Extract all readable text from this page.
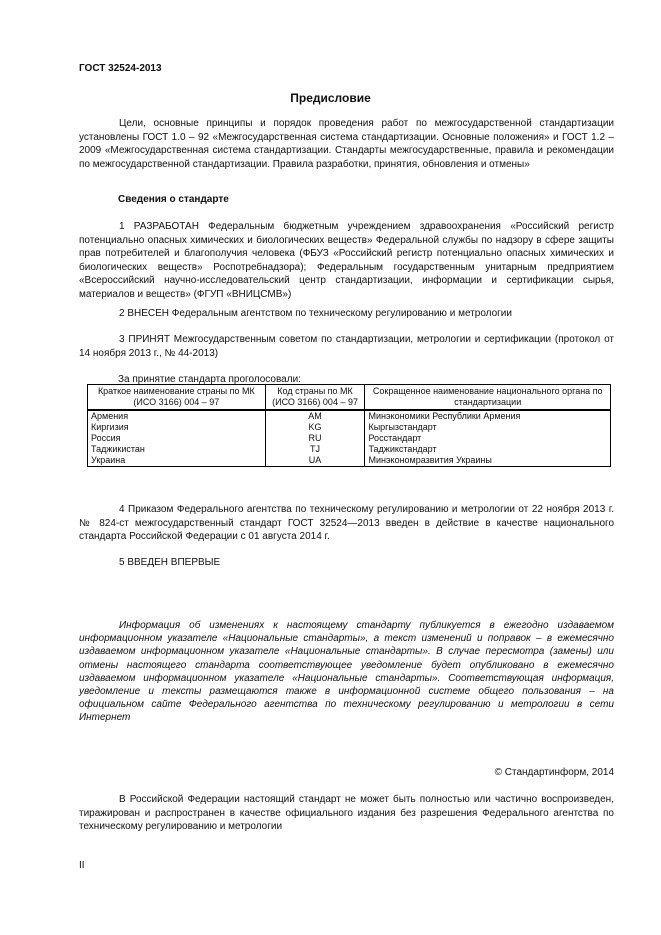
ГОСТ 32524-2013
Предисловие
Цели, основные принципы и порядок проведения работ по межгосударственной стандартизации установлены ГОСТ 1.0 – 92 «Межгосударственная система стандартизации. Основные положения» и ГОСТ 1.2 – 2009 «Межгосударственная система стандартизации. Стандарты межгосударственные, правила и рекомендации по межгосударственной стандартизации. Правила разработки, принятия, обновления и отмены»
Сведения о стандарте
1 РАЗРАБОТАН Федеральным бюджетным учреждением здравоохранения «Российский регистр потенциально опасных химических и биологических веществ» Федеральной службы по надзору в сфере защиты прав потребителей и благополучия человека (ФБУЗ «Российский регистр потенциально опасных химических и биологических веществ» Роспотребнадзора); Федеральным государственным унитарным предприятием «Всероссийский научно-исследовательский центр стандартизации, информации и сертификации сырья, материалов и веществ» (ФГУП «ВНИЦСМВ»)
2 ВНЕСЕН Федеральным агентством по техническому регулированию и метрологии
3 ПРИНЯТ Межгосударственным советом по стандартизации, метрологии и сертификации (протокол от 14 ноября 2013 г., № 44-2013)
За принятие стандарта проголосовали:
Краткое наименование страны по МК (ИСО 3166) 004 – 97	Код страны по МК (ИСО 3166) 004 – 97	Сокращенное наименование национального органа по стандартизации
Армения	AM	Минэкономики Республики Армения
Киргизия	KG	Кыргызстандарт
Россия	RU	Росстандарт
Таджикистан	TJ	Таджикстандарт
Украина	UA	Минэкономразвития Украины
4 Приказом Федерального агентства по техническому регулированию и метрологии от 22 ноября 2013 г. № 824-ст межгосударственный стандарт ГОСТ 32524—2013 введен в действие в качестве национального стандарта Российской Федерации с 01 августа 2014 г.
5 ВВЕДЕН ВПЕРВЫЕ
Информация об изменениях к настоящему стандарту публикуется в ежегодно издаваемом информационном указателе «Национальные стандарты», а текст изменений и поправок – в ежемесячно издаваемом информационном указателе «Национальные стандарты». В случае пересмотра (замены) или отмены настоящего стандарта соответствующее уведомление будет опубликовано в ежемесячно издаваемом информационном указателе «Национальные стандарты». Соответствующая информация, уведомление и тексты размещаются также в информационной системе общего пользования – на официальном сайте Федерального агентства по техническому регулированию и метрологии в сети Интернет
© Стандартинформ, 2014
В Российской Федерации настоящий стандарт не может быть полностью или частично воспроизведен, тиражирован и распространен в качестве официального издания без разрешения Федерального агентства по техническому регулированию и метрологии
II
